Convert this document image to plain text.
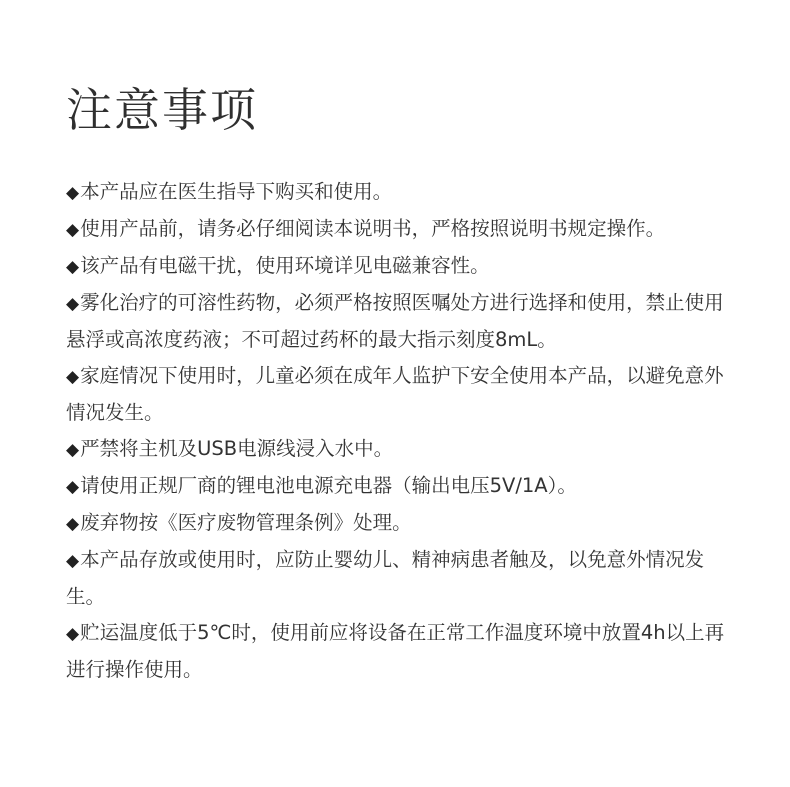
注意事项
◆本产品应在医生指导下购买和使用。
◆使用产品前，请务必仔细阅读本说明书，严格按照说明书规定操作。
◆该产品有电磁干扰，使用环境详见电磁兼容性。
◆雾化治疗的可溶性药物，必须严格按照医嘱处方进行选择和使用，禁止使用悬浮或高浓度药液；不可超过药杯的最大指示刻度8mL。
◆家庭情况下使用时，儿童必须在成年人监护下安全使用本产品，以避免意外情况发生。
◆严禁将主机及USB电源线浸入水中。
◆请使用正规厂商的锂电池电源充电器（输出电压5V/1A）。
◆废弃物按《医疗废物管理条例》处理。
◆本产品存放或使用时，应防止婴幼儿、精神病患者触及，以免意外情况发生。
◆贮运温度低于5℃时，使用前应将设备在正常工作温度环境中放置4h以上再进行操作使用。
